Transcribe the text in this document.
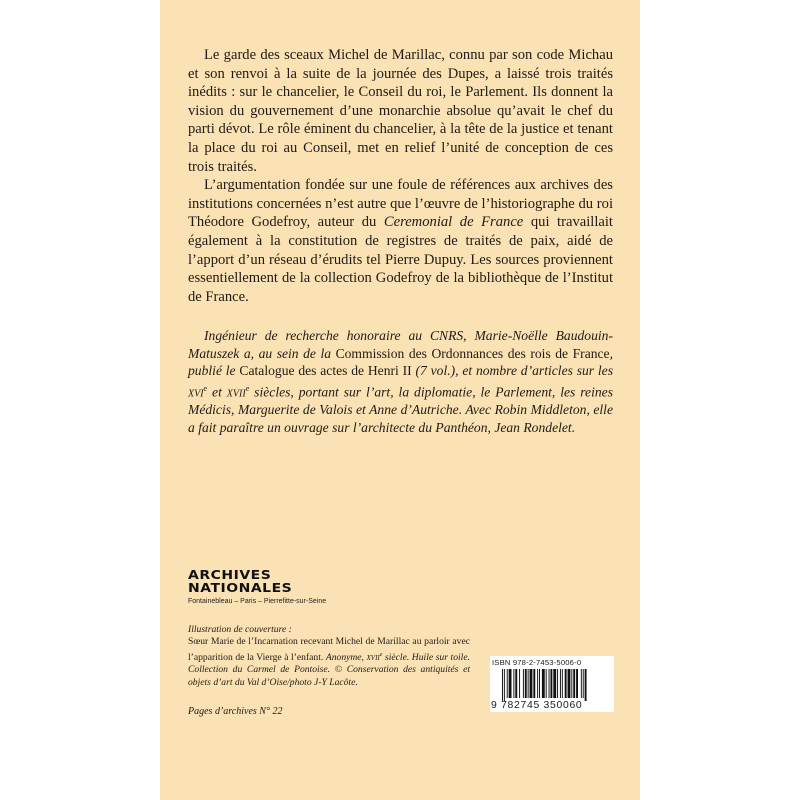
Le garde des sceaux Michel de Marillac, connu par son code Michau et son renvoi à la suite de la journée des Dupes, a laissé trois traités inédits : sur le chancelier, le Conseil du roi, le Parlement. Ils donnent la vision du gouvernement d’une monarchie absolue qu’avait le chef du parti dévot. Le rôle éminent du chancelier, à la tête de la justice et tenant la place du roi au Conseil, met en relief l’unité de conception de ces trois traités.

L’argumentation fondée sur une foule de références aux archives des institutions concernées n’est autre que l’œuvre de l’historiographe du roi Théodore Godefroy, auteur du Ceremonial de France qui travaillait également à la constitution de registres de traités de paix, aidé de l’apport d’un réseau d’érudits tel Pierre Dupuy. Les sources proviennent essentiellement de la collection Godefroy de la bibliothèque de l’Institut de France.

Ingénieur de recherche honoraire au CNRS, Marie-Noëlle Baudouin-Matuszek a, au sein de la Commission des Ordonnances des rois de France, publié le Catalogue des actes de Henri II (7 vol.), et nombre d’articles sur les xvi$^e$ et xvii$^e$ siècles, portant sur l’art, la diplomatie, le Parlement, les reines Médicis, Marguerite de Valois et Anne d’Autriche. Avec Robin Middleton, elle a fait paraître un ouvrage sur l’architecte du Panthéon, Jean Rondelet.

ARCHIVES
NATIONALES
Fontainebleau – Paris – Pierrefitte-sur-Seine
Illustration de couverture :
Sœur Marie de l’Incarnation recevant Michel de Marillac au parloir avec l’apparition de la Vierge à l’enfant. Anonyme, xvii$^e$ siècle. Huile sur toile. Collection du Carmel de Pontoise. © Conservation des antiquités et objets d’art du Val d’Oise/photo J-Y Lacôte.
Pages d’archives N° 22
ISBN 978-2-7453-5006-0
9 782745 350060
